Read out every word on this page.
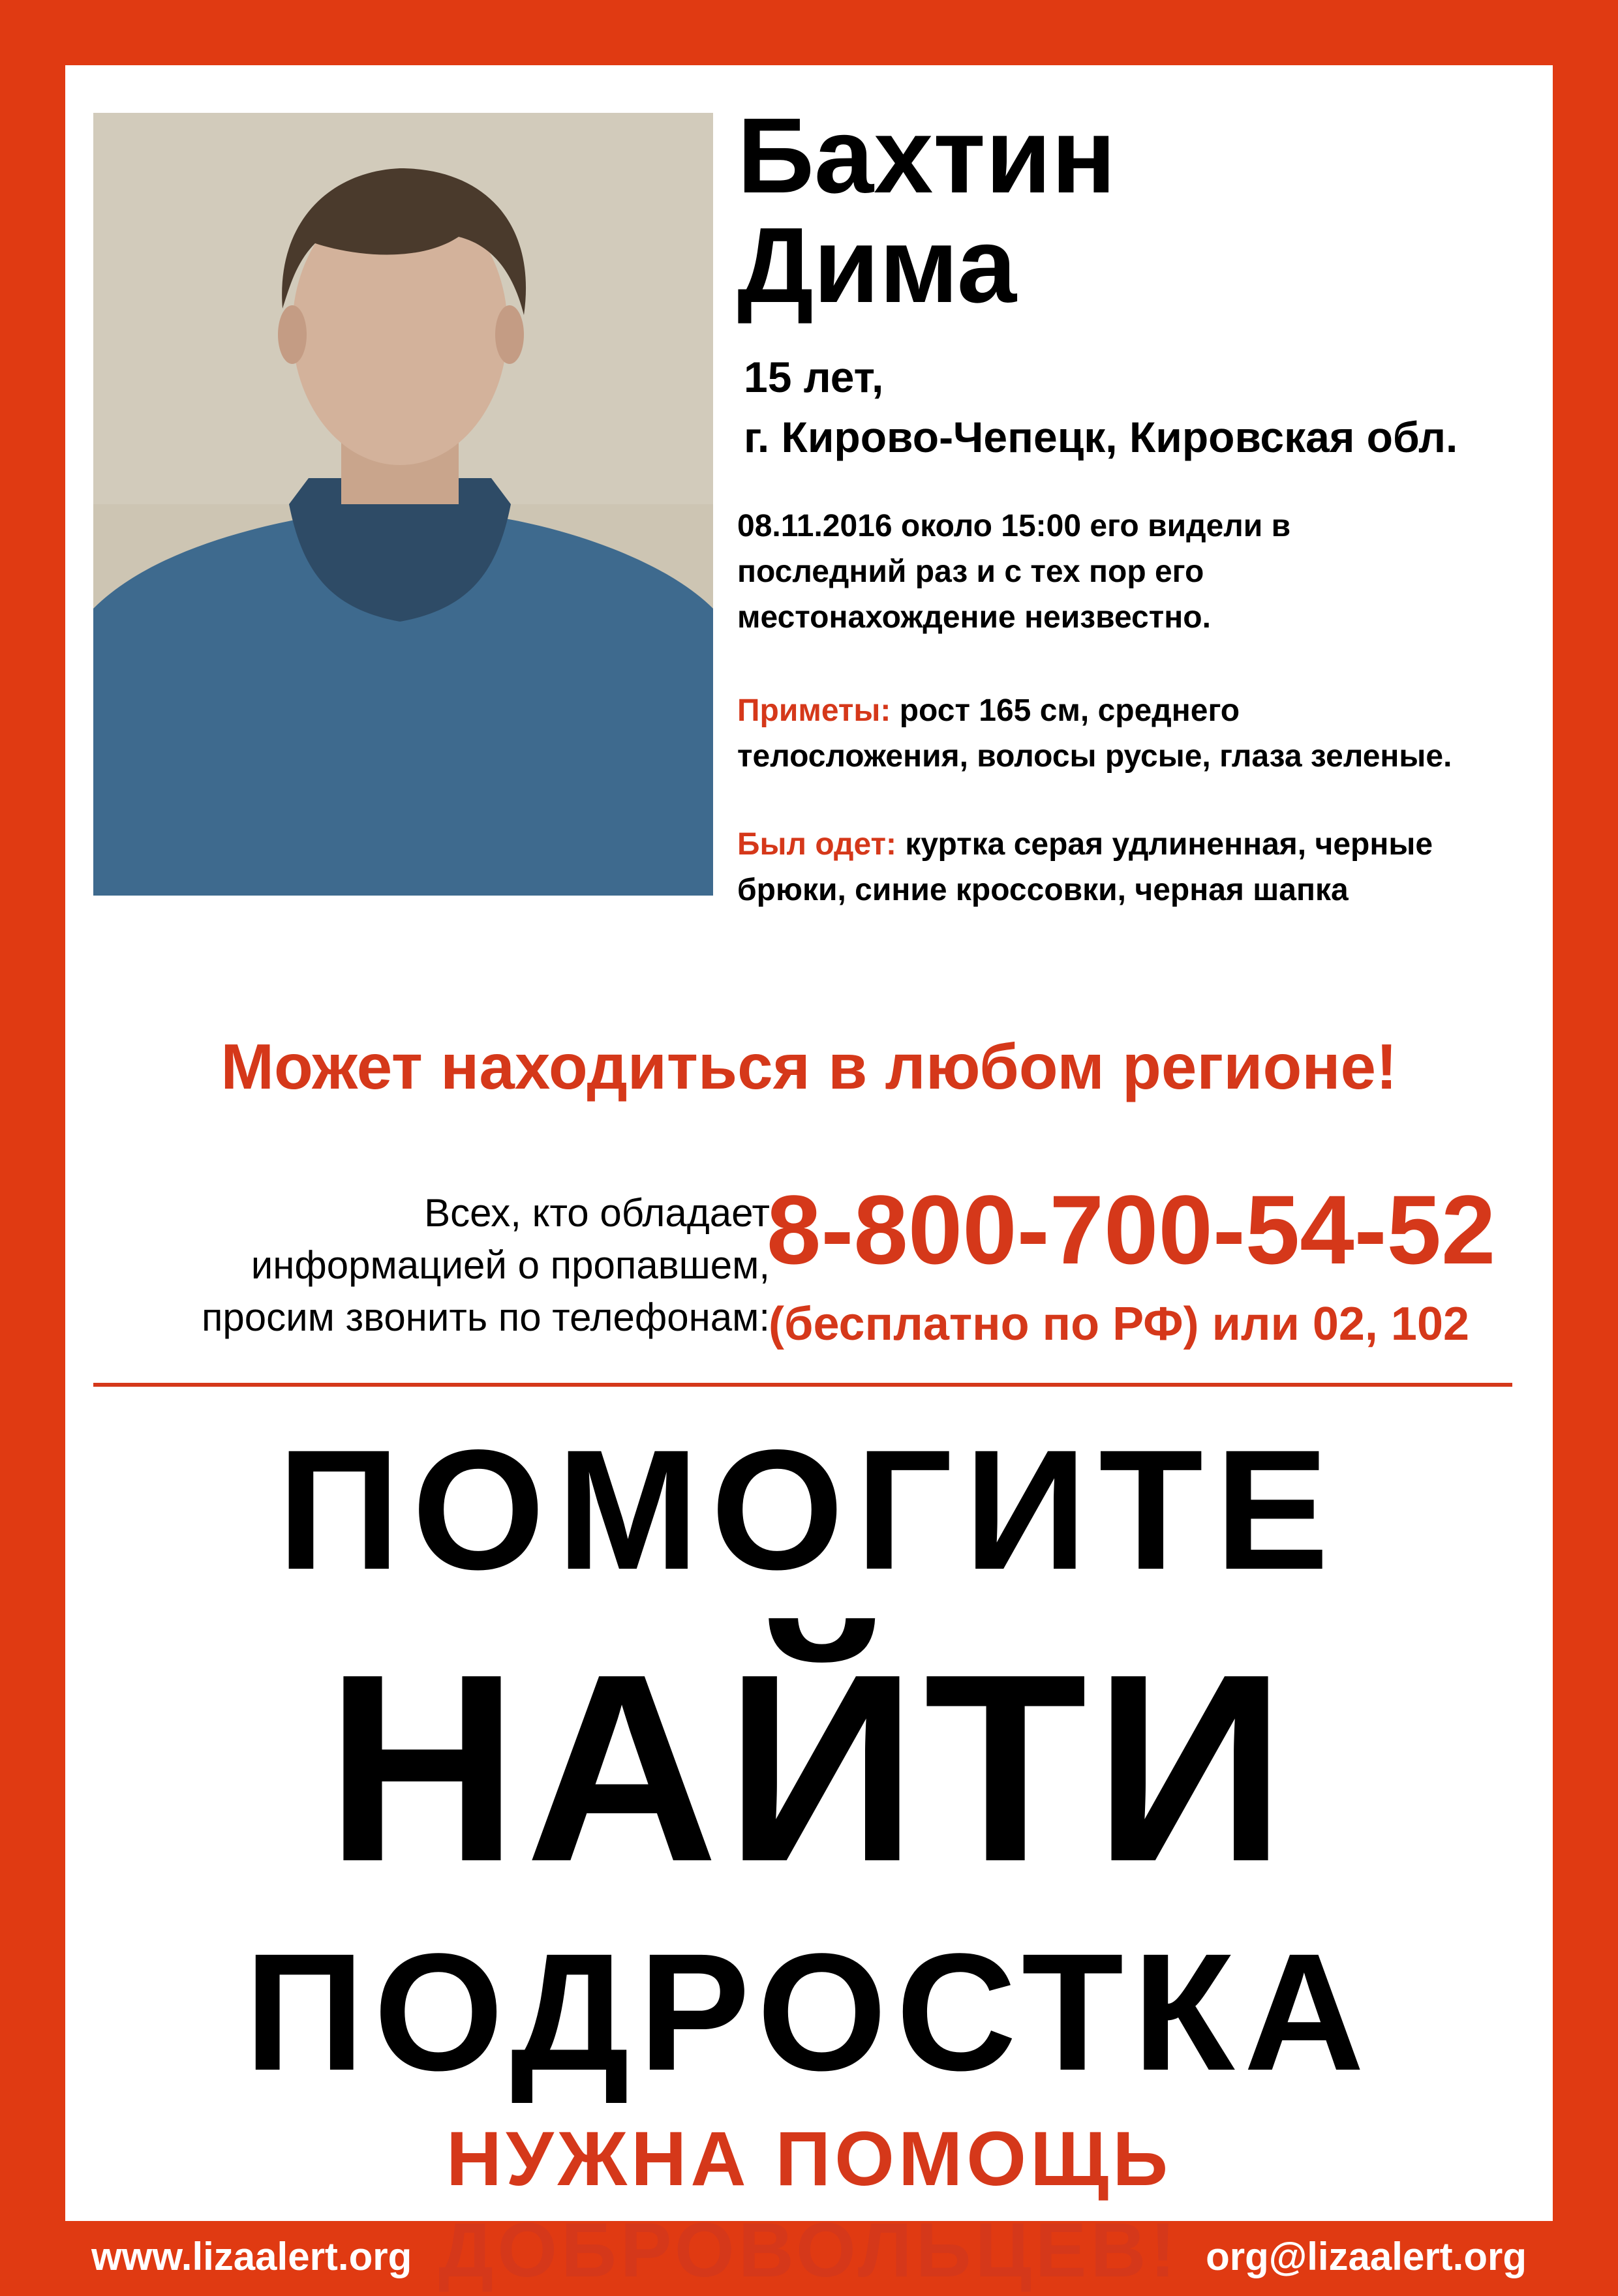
Бахтин
Дима
15 лет,
г. Кирово-Чепецк, Кировская обл.
08.11.2016 около 15:00 его видели в
последний раз и с тех пор его
местонахождение неизвестно.
Приметы: рост 165 см, среднего
телосложения, волосы русые, глаза зеленые.
Был одет: куртка серая удлиненная, черные
брюки, синие кроссовки, черная шапка
Может находиться в любом регионе!
Всех, кто обладает
информацией о пропавшем,
просим звонить по телефонам:
8-800-700-54-52
(бесплатно по РФ) или 02, 102
ПОМОГИТЕ
НАЙТИ
ПОДРОСТКА
НУЖНА ПОМОЩЬ ДОБРОВОЛЬЦЕВ!
www.lizaalert.org	org@lizaalert.org
